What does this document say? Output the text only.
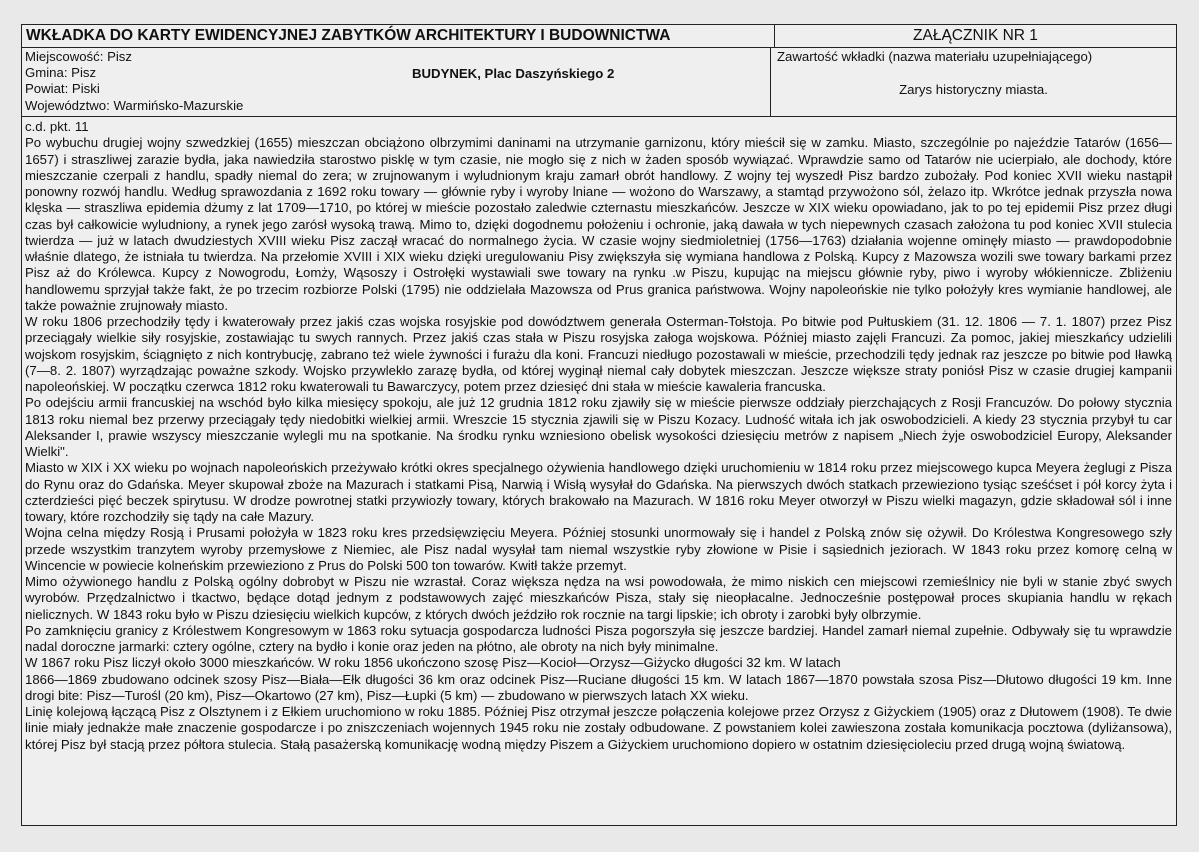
WKŁADKA DO KARTY EWIDENCYJNEJ ZABYTKÓW ARCHITEKTURY I BUDOWNICTWA	ZAŁĄCZNIK NR 1
Miejscowość: Pisz
Gmina: Pisz
Powiat: Piski
Województwo: Warmińsko-Mazurskie
BUDYNEK, Plac Daszyńskiego 2
Zawartość wkładki (nazwa materiału uzupełniającego)
Zarys historyczny miasta.

c.d. pkt. 11

Po wybuchu drugiej wojny szwedzkiej (1655) mieszczan obciążono olbrzymimi daninami na utrzymanie garnizonu, który mieścił się w zamku. Miasto, szczególnie po najeździe Tatarów (1656—1657) i straszliwej zarazie bydła, jaka nawiedziła starostwo pisklę w tym czasie, nie mogło się z nich w żaden sposób wywiązać. Wprawdzie samo od Tatarów nie ucierpiało, ale dochody, które mieszczanie czerpali z handlu, spadły niemal do zera; w zrujnowanym i wyludnionym kraju zamarł obrót handlowy. Z wojny tej wyszedł Pisz bardzo zubożały. Pod koniec XVII wieku nastąpił ponowny rozwój handlu. Według sprawozdania z 1692 roku towary — głównie ryby i wyroby lniane — wożono do Warszawy, a stamtąd przywożono sól, żelazo itp. Wkrótce jednak przyszła nowa klęska — straszliwa epidemia dżumy z lat 1709—1710, po której w mieście pozostało zaledwie czternastu mieszkańców. Jeszcze w XIX wieku opowiadano, jak to po tej epidemii Pisz przez długi czas był całkowicie wyludniony, a rynek jego zarósł wysoką trawą. Mimo to, dzięki dogodnemu położeniu i ochronie, jaką dawała w tych niepewnych czasach założona tu pod koniec XVII stulecia twierdza — już w latach dwudziestych XVIII wieku Pisz zaczął wracać do normalnego życia. W czasie wojny siedmioletniej (1756—1763) działania wojenne ominęły miasto — prawdopodobnie właśnie dlatego, że istniała tu twierdza. Na przełomie XVIII i XIX wieku dzięki uregulowaniu Pisy zwiększyła się wymiana handlowa z Polską. Kupcy z Mazowsza wozili swe towary barkami przez Pisz aż do Królewca. Kupcy z Nowogrodu, Łomży, Wąsoszy i Ostrołęki wystawiali swe towary na rynku .w Piszu, kupując na miejscu głównie ryby, piwo i wyroby włókiennicze. Zbliżeniu handlowemu sprzyjał także fakt, że po trzecim rozbiorze Polski (1795) nie oddzielała Mazowsza od Prus granica państwowa. Wojny napoleońskie nie tylko położyły kres wymianie handlowej, ale także poważnie zrujnowały miasto.

W roku 1806 przechodziły tędy i kwaterowały przez jakiś czas wojska rosyjskie pod dowództwem generała Osterman-Tołstoja. Po bitwie pod Pułtuskiem (31. 12. 1806 — 7. 1. 1807) przez Pisz przeciągały wielkie siły rosyjskie, zostawiając tu swych rannych. Przez jakiś czas stała w Piszu rosyjska załoga wojskowa. Później miasto zajęli Francuzi. Za pomoc, jakiej mieszkańcy udzielili wojskom rosyjskim, ściągnięto z nich kontrybucję, zabrano też wiele żywności i furażu dla koni. Francuzi niedługo pozostawali w mieście, przechodzili tędy jednak raz jeszcze po bitwie pod Iławką (7—8. 2. 1807) wyrządzając poważne szkody. Wojsko przywlekło zarazę bydła, od której wyginął niemal cały dobytek mieszczan. Jeszcze większe straty poniósł Pisz w czasie drugiej kampanii napoleońskiej. W początku czerwca 1812 roku kwaterowali tu Bawarczycy, potem przez dziesięć dni stała w mieście kawaleria francuska.

Po odejściu armii francuskiej na wschód było kilka miesięcy spokoju, ale już 12 grudnia 1812 roku zjawiły się w mieście pierwsze oddziały pierzchających z Rosji Francuzów. Do połowy stycznia 1813 roku niemal bez przerwy przeciągały tędy niedobitki wielkiej armii. Wreszcie 15 stycznia zjawili się w Piszu Kozacy. Ludność witała ich jak oswobodzicieli. A kiedy 23 stycznia przybył tu car Aleksander I, prawie wszyscy mieszczanie wylegli mu na spotkanie. Na środku rynku wzniesiono obelisk wysokości dziesięciu metrów z napisem „Niech żyje oswobodziciel Europy, Aleksander Wielki".

Miasto w XIX i XX wieku po wojnach napoleońskich przeżywało krótki okres specjalnego ożywienia handlowego dzięki uruchomieniu w 1814 roku przez miejscowego kupca Meyera żeglugi z Pisza do Rynu oraz do Gdańska. Meyer skupował zboże na Mazurach i statkami Pisą, Narwią i Wisłą wysyłał do Gdańska. Na pierwszych dwóch statkach przewieziono tysiąc sześćset i pół korcy żyta i czterdzieści pięć beczek spirytusu. W drodze powrotnej statki przywiozły towary, których brakowało na Mazurach. W 1816 roku Meyer otworzył w Piszu wielki magazyn, gdzie składował sól i inne towary, które rozchodziły się tądy na całe Mazury.

Wojna celna między Rosją i Prusami położyła w 1823 roku kres przedsięwzięciu Meyera. Później stosunki unormowały się i handel z Polską znów się ożywił. Do Królestwa Kongresowego szły przede wszystkim tranzytem wyroby przemysłowe z Niemiec, ale Pisz nadal wysyłał tam niemal wszystkie ryby złowione w Pisie i sąsiednich jeziorach. W 1843 roku przez komorę celną w Wincencie w powiecie kolneńskim przewieziono z Prus do Polski 500 ton towarów. Kwitł także przemyt.

Mimo ożywionego handlu z Polską ogólny dobrobyt w Piszu nie wzrastał. Coraz większa nędza na wsi powodowała, że mimo niskich cen miejscowi rzemieślnicy nie byli w stanie zbyć swych wyrobów. Przędzalnictwo i tkactwo, będące dotąd jednym z podstawowych zajęć mieszkańców Pisza, stały się nieopłacalne. Jednocześnie postępował proces skupiania handlu w rękach nielicznych. W 1843 roku było w Piszu dziesięciu wielkich kupców, z których dwóch jeździło rok rocznie na targi lipskie; ich obroty i zarobki były olbrzymie.

Po zamknięciu granicy z Królestwem Kongresowym w 1863 roku sytuacja gospodarcza ludności Pisza pogorszyła się jeszcze bardziej. Handel zamarł niemal zupełnie. Odbywały się tu wprawdzie nadal doroczne jarmarki: cztery ogólne, cztery na bydło i konie oraz jeden na płótno, ale obroty na nich były minimalne.

W 1867 roku Pisz liczył około 3000 mieszkańców. W roku 1856 ukończono szosę Pisz—Kocioł—Orzysz—Giżycko długości 32 km. W latach

1866—1869 zbudowano odcinek szosy Pisz—Biała—Ełk długości 36 km oraz odcinek Pisz—Ruciane długości 15 km. W latach 1867—1870 powstała szosa Pisz—Dłutowo długości 19 km. Inne drogi bite: Pisz—Turośl (20 km), Pisz—Okartowo (27 km), Pisz—Łupki (5 km) — zbudowano w pierwszych latach XX wieku.

Linię kolejową łączącą Pisz z Olsztynem i z Ełkiem uruchomiono w roku 1885. Później Pisz otrzymał jeszcze połączenia kolejowe przez Orzysz z Giżyckiem (1905) oraz z Dłutowem (1908). Te dwie linie miały jednakże małe znaczenie gospodarcze i po zniszczeniach wojennych 1945 roku nie zostały odbudowane. Z powstaniem kolei zawieszona została komunikacja pocztowa (dyliżansowa), której Pisz był stacją przez półtora stulecia. Stałą pasażerską komunikację wodną między Piszem a Giżyckiem uruchomiono dopiero w ostatnim dziesięcioleciu przed drugą wojną światową.
